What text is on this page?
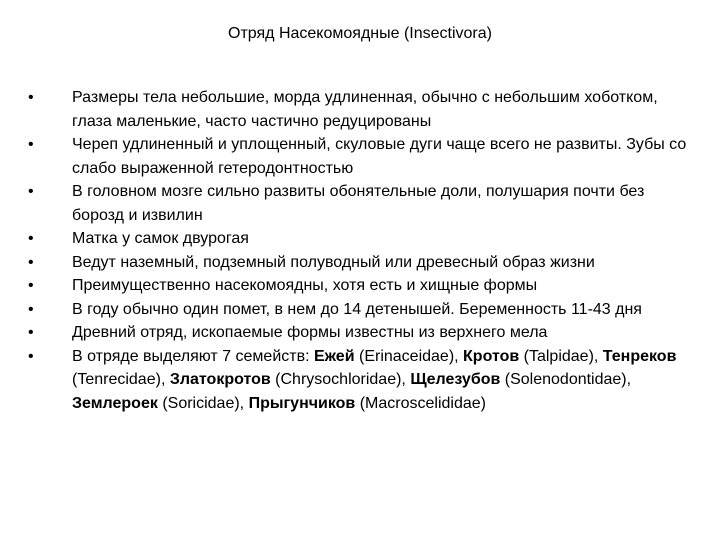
Отряд Насекомоядные (Insectivora)
•	Размеры тела небольшие, морда удлиненная, обычно с небольшим хоботком, глаза маленькие, часто частично редуцированы
•	Череп удлиненный и уплощенный, скуловые дуги чаще всего не развиты. Зубы со слабо выраженной гетеродонтностью
•	В головном мозге сильно развиты обонятельные доли, полушария почти без борозд и извилин
•	Матка у самок двурогая
•	Ведут наземный, подземный полуводный или древесный образ жизни
•	Преимущественно насекомоядны, хотя есть и хищные формы
•	В году обычно один помет, в нем до 14 детенышей. Беременность 11-43 дня
•	Древний отряд, ископаемые формы известны из верхнего мела
•	В отряде выделяют 7 семейств: Ежей (Erinaceidae), Кротов (Talpidae), Тенреков (Tenrecidae), Златокротов (Chrysochloridae), Щелезубов (Solenodontidae), Землероек (Soricidae), Прыгунчиков (Macroscelididae)
